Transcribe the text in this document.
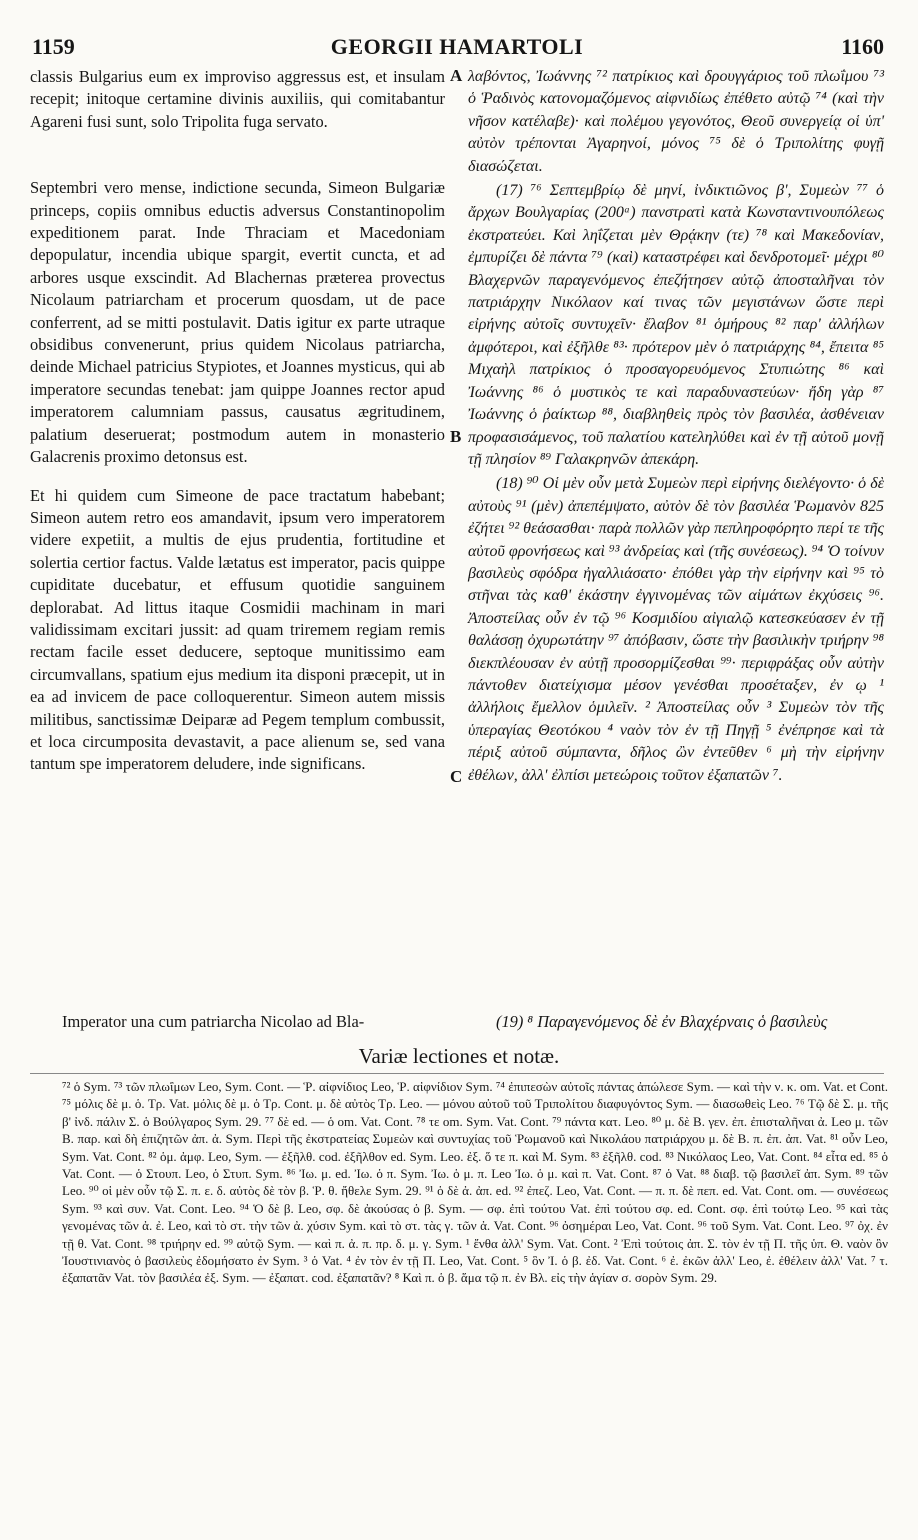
1159	GEORGII HAMARTOLI	1160

classis Bulgarius eum ex improviso aggressus est, et insulam recepit; initoque certamine divinis auxiliis, qui comitabantur Agareni fusi sunt, solo Tripolita fuga servato.

Septembri vero mense, indictione secunda, Simeon Bulgariæ princeps, copiis omnibus eductis adversus Constantinopolim expeditionem parat. Inde Thraciam et Macedoniam depopulatur, incendia ubique spargit, evertit cuncta, et ad arbores usque exscindit. Ad Blachernas præterea provectus Nicolaum patriarcham et procerum quosdam, ut de pace conferrent, ad se mitti postulavit. Datis igitur ex parte utraque obsidibus convenerunt, prius quidem Nicolaus patriarcha, deinde Michael patricius Stypiotes, et Joannes mysticus, qui ab imperatore secundas tenebat: jam quippe Joannes rector apud imperatorem calumniam passus, causatus ægritudinem, palatium deseruerat; postmodum autem in monasterio Galacrenis proximo detonsus est.

Et hi quidem cum Simeone de pace tractatum habebant; Simeon autem retro eos amandavit, ipsum vero imperatorem videre expetiit, a multis de ejus prudentia, fortitudine et solertia certior factus. Valde lætatus est imperator, pacis quippe cupiditate ducebatur, et effusum quotidie sanguinem deplorabat. Ad littus itaque Cosmidii machinam in mari validissimam excitari jussit: ad quam triremem regiam remis rectam facile esset deducere, septoque munitissimo eam circumvallans, spatium ejus medium ita disponi præcepit, ut in ea ad invicem de pace colloquerentur. Simeon autem missis militibus, sanctissimæ Deiparæ ad Pegem templum combussit, et loca circumposita devastavit, a pace alienum se, sed vana tantum spe imperatorem deludere, inde significans.

A
B
C

λαβόντος, Ἰωάννης ⁷² πατρίκιος καὶ δρουγγάριος τοῦ πλωΐμου ⁷³ ὁ Ῥαδινὸς κατονομαζόμενος αἰφνιδίως ἐπέθετο αὐτῷ ⁷⁴ (καὶ τὴν νῆσον κατέλαβε)· καὶ πολέμου γεγονότος, Θεοῦ συνεργείᾳ οἱ ὑπ' αὐτὸν τρέπονται Ἀγαρηνοί, μόνος ⁷⁵ δὲ ὁ Τριπολίτης φυγῇ διασώζεται.

(17) ⁷⁶ Σεπτεμβρίῳ δὲ μηνί, ἰνδικτιῶνος β', Συμεὼν ⁷⁷ ὁ ἄρχων Βουλγαρίας (200ᵃ) πανστρατὶ κατὰ Κωνσταντινουπόλεως ἐκστρατεύει. Καὶ ληΐζεται μὲν Θρᾴκην (τε) ⁷⁸ καὶ Μακεδονίαν, ἐμπυρίζει δὲ πάντα ⁷⁹ (καὶ) καταστρέφει καὶ δενδροτομεῖ· μέχρι ⁸⁰ Βλαχερνῶν παραγενόμενος ἐπεζήτησεν αὐτῷ ἀποσταλῆναι τὸν πατριάρχην Νικόλαον καί τινας τῶν μεγιστάνων ὥστε περὶ εἰρήνης αὐτοῖς συντυχεῖν· ἔλαβον ⁸¹ ὁμήρους ⁸² παρ' ἀλλήλων ἀμφότεροι, καὶ ἐξῆλθε ⁸³· πρότερον μὲν ὁ πατριάρχης ⁸⁴, ἔπειτα ⁸⁵ Μιχαὴλ πατρίκιος ὁ προσαγορευόμενος Στυπιώτης ⁸⁶ καὶ Ἰωάννης ⁸⁶ ὁ μυστικὸς τε καὶ παραδυναστεύων· ἤδη γὰρ ⁸⁷ Ἰωάννης ὁ ῥαίκτωρ ⁸⁸, διαβληθεὶς πρὸς τὸν βασιλέα, ἀσθένειαν προφασισάμενος, τοῦ παλατίου κατεληλύθει καὶ ἐν τῇ αὐτοῦ μονῇ τῇ πλησίον ⁸⁹ Γαλακρηνῶν ἀπεκάρη.

(18) ⁹⁰ Οἱ μὲν οὖν μετὰ Συμεὼν περὶ εἰρήνης διελέγοντο· ὁ δὲ αὐτοὺς ⁹¹ (μὲν) ἀπεπέμψατο, αὐτὸν δὲ τὸν βασιλέα Ῥωμανὸν 825 ἐζήτει ⁹² θεάσασθαι· παρὰ πολλῶν γὰρ πεπληροφόρητο περί τε τῆς αὐτοῦ φρονήσεως καὶ ⁹³ ἀνδρείας καὶ (τῆς συνέσεως). ⁹⁴ Ὁ τοίνυν βασιλεὺς σφόδρα ἠγαλλιάσατο· ἐπόθει γὰρ τὴν εἰρήνην καὶ ⁹⁵ τὸ στῆναι τὰς καθ' ἑκάστην ἐγγινομένας τῶν αἱμάτων ἐκχύσεις ⁹⁶. Ἀποστείλας οὖν ἐν τῷ ⁹⁶ Κοσμιδίου αἰγιαλῷ κατεσκεύασεν ἐν τῇ θαλάσσῃ ὀχυρωτάτην ⁹⁷ ἀπόβασιν, ὥστε τὴν βασιλικὴν τριήρην ⁹⁸ διεκπλέουσαν ἐν αὐτῇ προσορμίζεσθαι ⁹⁹· περιφράξας οὖν αὐτὴν πάντοθεν διατείχισμα μέσον γενέσθαι προσέταξεν, ἐν ῳ ¹ ἀλλήλοις ἔμελλον ὁμιλεῖν. ² Ἀποστείλας οὖν ³ Συμεὼν τὸν τῆς ὑπεραγίας Θεοτόκου ⁴ ναὸν τὸν ἐν τῇ Πηγῇ ⁵ ἐνέπρησε καὶ τὰ πέριξ αὐτοῦ σύμπαντα, δῆλος ὢν ἐντεῦθεν ⁶ μὴ τὴν εἰρήνην ἐθέλων, ἀλλ' ἐλπίσι μετεώροις τοῦτον ἐξαπατῶν ⁷.

Imperator una cum patriarcha Nicolao ad Bla-	(19) ⁸ Παραγενόμενος δὲ ἐν Βλαχέρναις ὁ βασιλεὺς
Variæ lectiones et notæ.

⁷² ὁ Sym. ⁷³ τῶν πλωΐμων Leo, Sym. Cont. — Ῥ. αἰφνίδιος Leo, Ῥ. αἰφνίδιον Sym. ⁷⁴ ἐπιπεσὼν αὐτοῖς πάντας ἀπώλεσε Sym. — καὶ τὴν ν. κ. om. Vat. et Cont. ⁷⁵ μόλις δὲ μ. ὁ. Τρ. Vat. μόλις δὲ μ. ὁ Τρ. Cont. μ. δὲ αὐτὸς Τρ. Leo. — μόνου αὐτοῦ τοῦ Τριπολίτου διαφυγόντος Sym. — διασωθεὶς Leo. ⁷⁶ Τῷ δὲ Σ. μ. τῆς β' ἰνδ. πάλιν Σ. ὁ Βούλγαρος Sym. 29. ⁷⁷ δὲ ed. — ὁ om. Vat. Cont. ⁷⁸ τε om. Sym. Vat. Cont. ⁷⁹ πάντα κατ. Leo. ⁸⁰ μ. δὲ Β. γεν. ἐπ. ἐπισταλῆναι ἀ. Leo μ. τῶν Β. παρ. καὶ δὴ ἐπιζητῶν ἀπ. ἀ. Sym. Περὶ τῆς ἐκστρατείας Συμεὼν καὶ συντυχίας τοῦ Ῥωμανοῦ καὶ Νικολάου πατριάρχου μ. δὲ Β. π. ἐπ. ἀπ. Vat. ⁸¹ οὖν Leo, Sym. Vat. Cont. ⁸² ὁμ. ἀμφ. Leo, Sym. — ἐξῆλθ. cod. ἐξῆλθον ed. Sym. Leo. ἐξ. ὅ τε π. καὶ Μ. Sym. ⁸³ ἐξῆλθ. cod. ⁸³ Νικόλαος Leo, Vat. Cont. ⁸⁴ εἶτα ed. ⁸⁵ ὁ Vat. Cont. — ὁ Στουπ. Leo, ὁ Στυπ. Sym. ⁸⁶ Ἰω. μ. ed. Ἰω. ὁ π. Sym. Ἰω. ὁ μ. π. Leo Ἰω. ὁ μ. καὶ π. Vat. Cont. ⁸⁷ ὁ Vat. ⁸⁸ διαβ. τῷ βασιλεῖ ἀπ. Sym. ⁸⁹ τῶν Leo. ⁹⁰ οἱ μὲν οὖν τῷ Σ. π. ε. δ. αὐτὸς δὲ τὸν β. Ῥ. θ. ἤθελε Sym. 29. ⁹¹ ὁ δὲ ἀ. ἀπ. ed. ⁹² ἐπεζ. Leo, Vat. Cont. — π. π. δὲ πεπ. ed. Vat. Cont. om. — συνέσεως Sym. ⁹³ καὶ συν. Vat. Cont. Leo. ⁹⁴ Ὁ δὲ β. Leo, σφ. δὲ ἀκούσας ὁ β. Sym. — σφ. ἐπὶ τούτου Vat. ἐπὶ τούτου σφ. ed. Cont. σφ. ἐπὶ τούτῳ Leo. ⁹⁵ καὶ τὰς γενομένας τῶν ἀ. ἐ. Leo, καὶ τὸ στ. τὴν τῶν ἀ. χύσιν Sym. καὶ τὸ στ. τὰς γ. τῶν ἀ. Vat. Cont. ⁹⁶ ὀσημέραι Leo, Vat. Cont. ⁹⁶ τοῦ Sym. Vat. Cont. Leo. ⁹⁷ ὀχ. ἐν τῇ θ. Vat. Cont. ⁹⁸ τριήρην ed. ⁹⁹ αὐτῷ Sym. — καὶ π. ἀ. π. πρ. δ. μ. γ. Sym. ¹ ἔνθα ἀλλ' Sym. Vat. Cont. ² Ἐπὶ τούτοις ἀπ. Σ. τὸν ἐν τῇ Π. τῆς ὑπ. Θ. ναὸν ὃν Ἰουστινιανὸς ὁ βασιλεὺς ἐδομήσατο ἐν Sym. ³ ὁ Vat. ⁴ ἐν τὸν ἐν τῇ Π. Leo, Vat. Cont. ⁵ ὃν Ἰ. ὁ β. ἐδ. Vat. Cont. ⁶ ἐ. ἐκῶν ἀλλ' Leo, ἐ. ἐθέλειν ἀλλ' Vat. ⁷ τ. ἐξαπατᾶν Vat. τὸν βασιλέα ἐξ. Sym. — ἐξαπατ. cod. ἐξαπατᾶν? ⁸ Καὶ π. ὁ β. ἅμα τῷ π. ἐν Βλ. εἰς τὴν ἁγίαν σ. σορὸν Sym. 29.
